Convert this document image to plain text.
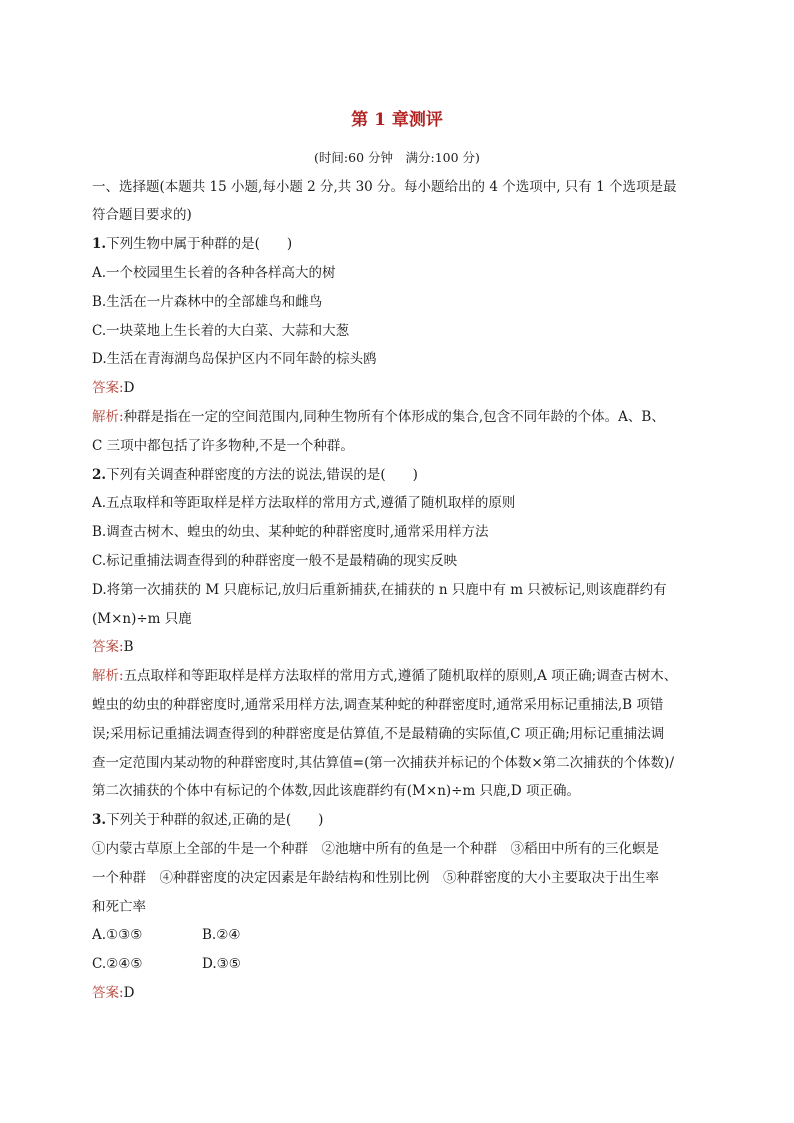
第 1 章测评
(时间:60 分钟　满分:100 分)
一、选择题(本题共 15 小题,每小题 2 分,共 30 分。每小题给出的 4 个选项中, 只有 1 个选项是最
符合题目要求的)
1.下列生物中属于种群的是(　　)
A.一个校园里生长着的各种各样高大的树
B.生活在一片森林中的全部雄鸟和雌鸟
C.一块菜地上生长着的大白菜、大蒜和大葱
D.生活在青海湖鸟岛保护区内不同年龄的棕头鸥
答案:D
解析:种群是指在一定的空间范围内,同种生物所有个体形成的集合,包含不同年龄的个体。A、B、
C 三项中都包括了许多物种,不是一个种群。
2.下列有关调查种群密度的方法的说法,错误的是(　　)
A.五点取样和等距取样是样方法取样的常用方式,遵循了随机取样的原则
B.调查古树木、蝗虫的幼虫、某种蛇的种群密度时,通常采用样方法
C.标记重捕法调查得到的种群密度一般不是最精确的现实反映
D.将第一次捕获的 M 只鹿标记,放归后重新捕获,在捕获的 n 只鹿中有 m 只被标记,则该鹿群约有
(M×n)÷m 只鹿
答案:B
解析:五点取样和等距取样是样方法取样的常用方式,遵循了随机取样的原则,A 项正确;调查古树木、
蝗虫的幼虫的种群密度时,通常采用样方法,调查某种蛇的种群密度时,通常采用标记重捕法,B 项错
误;采用标记重捕法调查得到的种群密度是估算值,不是最精确的实际值,C 项正确;用标记重捕法调
查一定范围内某动物的种群密度时,其估算值=(第一次捕获并标记的个体数×第二次捕获的个体数)/
第二次捕获的个体中有标记的个体数,因此该鹿群约有(M×n)÷m 只鹿,D 项正确。
3.下列关于种群的叙述,正确的是(　　)
①内蒙古草原上全部的牛是一个种群　②池塘中所有的鱼是一个种群　③稻田中所有的三化螟是
一个种群　④种群密度的决定因素是年龄结构和性别比例　⑤种群密度的大小主要取决于出生率
和死亡率
A.①③⑤	B.②④
C.②④⑤	D.③⑤
答案:D
